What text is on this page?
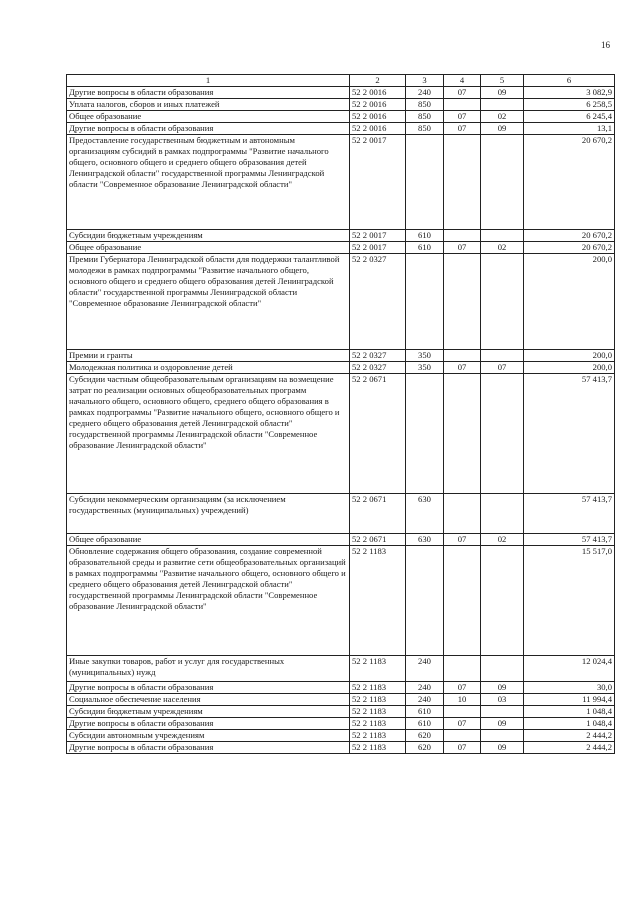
16
1	2	3	4	5	6
Другие вопросы в области образования	52 2 0016	240	07	09	3 082,9
Уплата налогов, сборов и иных платежей	52 2 0016	850			6 258,5
Общее образование	52 2 0016	850	07	02	6 245,4
Другие вопросы в области образования	52 2 0016	850	07	09	13,1
Предоставление государственным бюджетным и автономным организациям субсидий в рамках подпрограммы "Развитие начального общего, основного общего и среднего общего образования детей Ленинградской области" государственной программы Ленинградской области "Современное образование Ленинградской области"	52 2 0017				20 670,2
Субсидии бюджетным учреждениям	52 2 0017	610			20 670,2
Общее образование	52 2 0017	610	07	02	20 670,2
Премии Губернатора Ленинградской области для поддержки талантливой молодежи в рамках подпрограммы "Развитие начального общего, основного общего и среднего общего образования детей Ленинградской области" государственной программы Ленинградской области "Современное образование Ленинградской области"	52 2 0327				200,0
Премии и гранты	52 2 0327	350			200,0
Молодежная политика и оздоровление детей	52 2 0327	350	07	07	200,0
Субсидии частным общеобразовательным организациям на возмещение затрат по реализации основных общеобразовательных программ начального общего, основного общего, среднего общего образования в рамках подпрограммы "Развитие начального общего, основного общего и среднего общего образования детей Ленинградской области" государственной программы Ленинградской области "Современное образование Ленинградской области"	52 2 0671				57 413,7
Субсидии некоммерческим организациям (за исключением государственных (муниципальных) учреждений)	52 2 0671	630			57 413,7
Общее образование	52 2 0671	630	07	02	57 413,7
Обновление содержания общего образования, создание современной образовательной среды и развитие сети общеобразовательных организаций в рамках подпрограммы "Развитие начального общего, основного общего и среднего общего образования детей Ленинградской области" государственной программы Ленинградской области "Современное образование Ленинградской области"	52 2 1183				15 517,0
Иные закупки товаров, работ и услуг для государственных (муниципальных) нужд	52 2 1183	240			12 024,4
Другие вопросы в области образования	52 2 1183	240	07	09	30,0
Социальное обеспечение населения	52 2 1183	240	10	03	11 994,4
Субсидии бюджетным учреждениям	52 2 1183	610			1 048,4
Другие вопросы в области образования	52 2 1183	610	07	09	1 048,4
Субсидии автономным учреждениям	52 2 1183	620			2 444,2
Другие вопросы в области образования	52 2 1183	620	07	09	2 444,2
